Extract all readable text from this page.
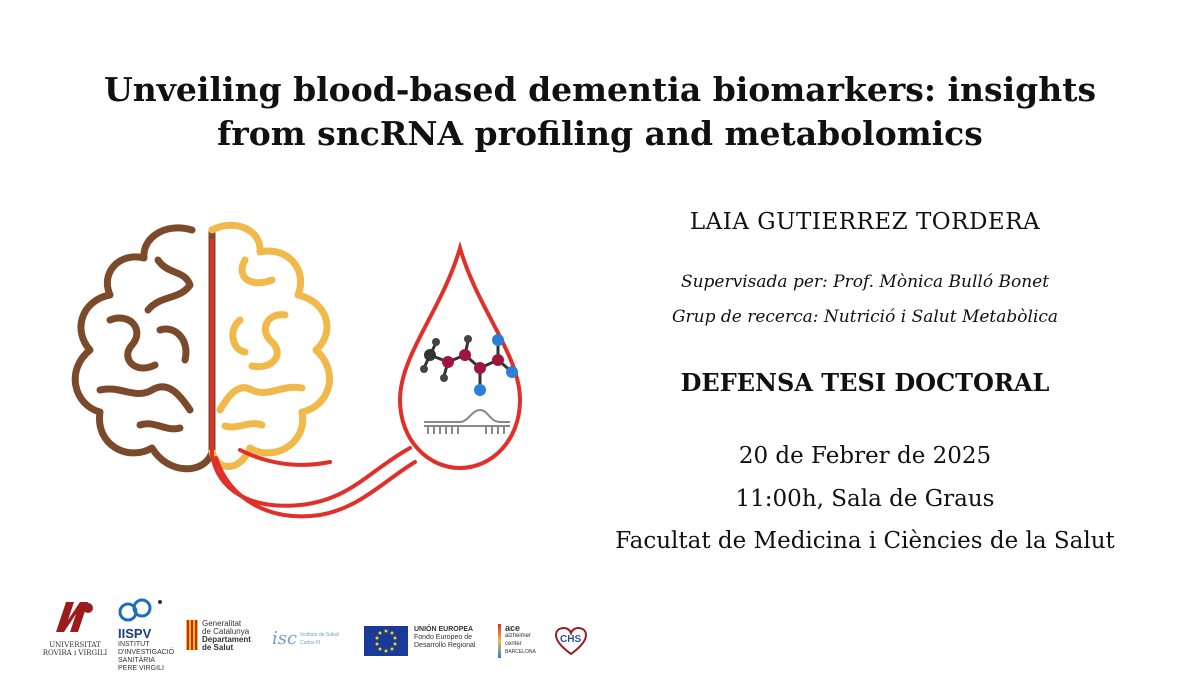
Unveiling blood-based dementia biomarkers: insights
from sncRNA profiling and metabolomics
LAIA GUTIERREZ TORDERA
Supervisada per: Prof. Mònica Bulló Bonet
Grup de recerca: Nutrició i Salut Metabòlica
DEFENSA TESI DOCTORAL
20 de Febrer de 2025
11:00h, Sala de Graus
Facultat de Medicina i Ciències de la Salut
UNIVERSITAT
ROVIRA i VIRGILI
IISPV
INSTITUT
D'INVESTIGACIÓ
SANITÀRIA
PERE VIRGILI
Generalitat
de Catalunya
Departament
de Salut	isc Instituto de Salud Carlos III
UNIÓN EUROPEA
Fondo Europeo de
Desarrollo Regional
ace
alzheimer
center
BARCELONA
CHS
